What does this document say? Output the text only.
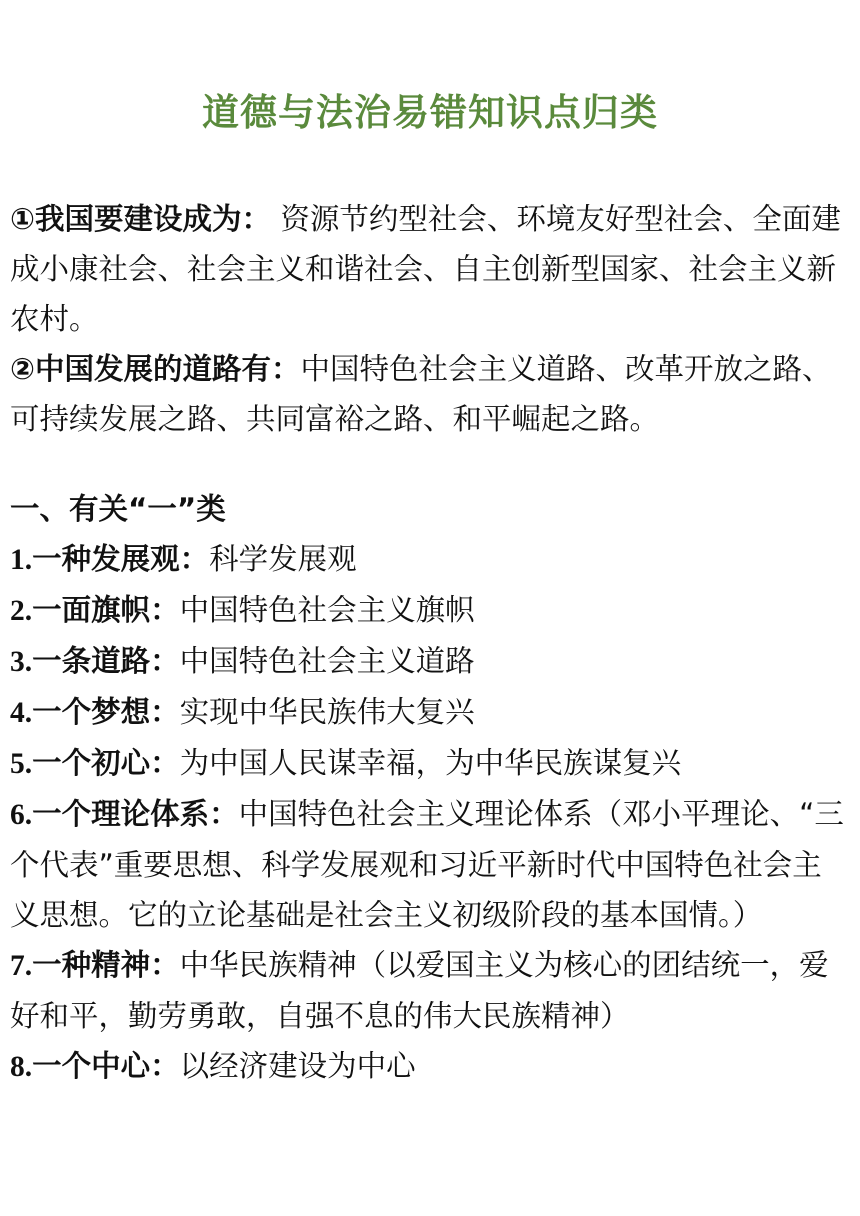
道德与法治易错知识点归类

①我国要建设成为： 资源节约型社会、环境友好型社会、全面建成小康社会、社会主义和谐社会、自主创新型国家、社会主义新农村。

②中国发展的道路有：中国特色社会主义道路、改革开放之路、可持续发展之路、共同富裕之路、和平崛起之路。

一、有关“一”类

1.一种发展观：科学发展观

2.一面旗帜：中国特色社会主义旗帜

3.一条道路：中国特色社会主义道路

4.一个梦想：实现中华民族伟大复兴

5.一个初心：为中国人民谋幸福，为中华民族谋复兴

6.一个理论体系：中国特色社会主义理论体系（邓小平理论、“三个代表”重要思想、科学发展观和习近平新时代中国特色社会主义思想。它的立论基础是社会主义初级阶段的基本国情。）

7.一种精神：中华民族精神（以爱国主义为核心的团结统一，爱好和平，勤劳勇敢，自强不息的伟大民族精神）

8.一个中心：以经济建设为中心
